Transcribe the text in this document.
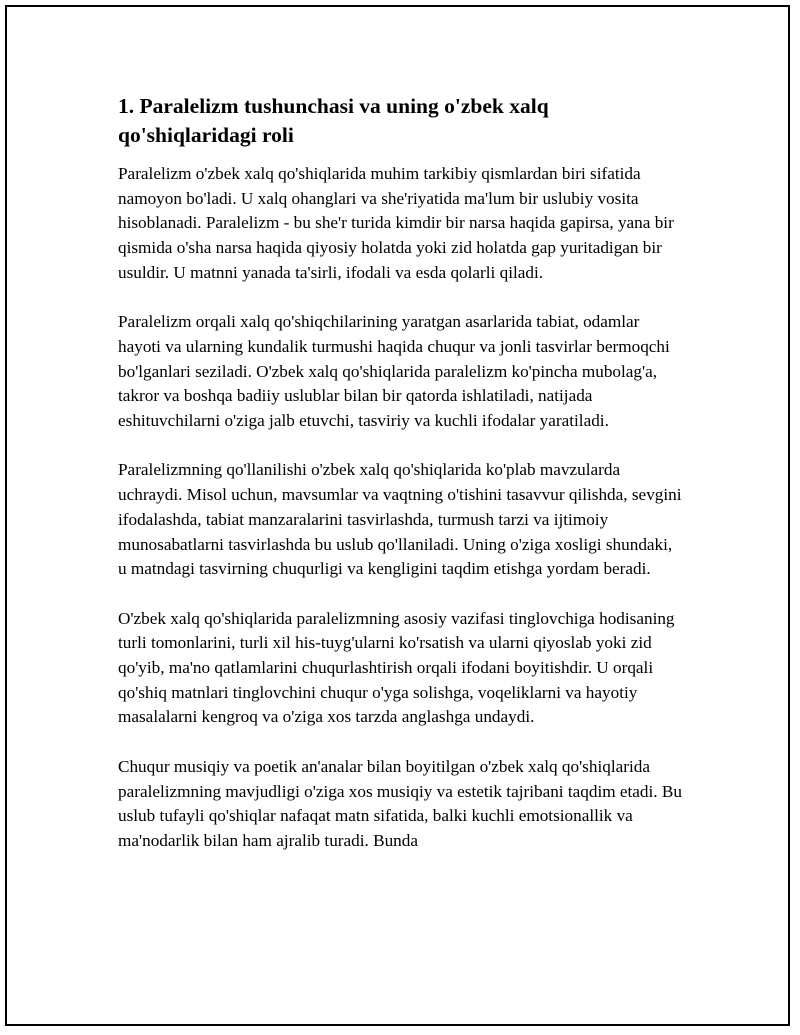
1. Paralelizm tushunchasi va uning o'zbek xalq qo'shiqlaridagi roli

Paralelizm o'zbek xalq qo'shiqlarida muhim tarkibiy qismlardan biri sifatida namoyon bo'ladi. U xalq ohanglari va she'riyatida ma'lum bir uslubiy vosita hisoblanadi. Paralelizm - bu she'r turida kimdir bir narsa haqida gapirsa, yana bir qismida o'sha narsa haqida qiyosiy holatda yoki zid holatda gap yuritadigan bir usuldir. U matnni yanada ta'sirli, ifodali va esda qolarli qiladi.

Paralelizm orqali xalq qo'shiqchilarining yaratgan asarlarida tabiat, odamlar hayoti va ularning kundalik turmushi haqida chuqur va jonli tasvirlar bermoqchi bo'lganlari seziladi. O'zbek xalq qo'shiqlarida paralelizm ko'pincha mubolag'a, takror va boshqa badiiy uslublar bilan bir qatorda ishlatiladi, natijada eshituvchilarni o'ziga jalb etuvchi, tasviriy va kuchli ifodalar yaratiladi.

Paralelizmning qo'llanilishi o'zbek xalq qo'shiqlarida ko'plab mavzularda uchraydi. Misol uchun, mavsumlar va vaqtning o'tishini tasavvur qilishda, sevgini ifodalashda, tabiat manzaralarini tasvirlashda, turmush tarzi va ijtimoiy munosabatlarni tasvirlashda bu uslub qo'llaniladi. Uning o'ziga xosligi shundaki, u matndagi tasvirning chuqurligi va kengligini taqdim etishga yordam beradi.

O'zbek xalq qo'shiqlarida paralelizmning asosiy vazifasi tinglovchiga hodisaning turli tomonlarini, turli xil his-tuyg'ularni ko'rsatish va ularni qiyoslab yoki zid qo'yib, ma'no qatlamlarini chuqurlashtirish orqali ifodani boyitishdir. U orqali qo'shiq matnlari tinglovchini chuqur o'yga solishga, voqeliklarni va hayotiy masalalarni kengroq va o'ziga xos tarzda anglashga undaydi.

Chuqur musiqiy va poetik an'analar bilan boyitilgan o'zbek xalq qo'shiqlarida paralelizmning mavjudligi o'ziga xos musiqiy va estetik tajribani taqdim etadi. Bu uslub tufayli qo'shiqlar nafaqat matn sifatida, balki kuchli emotsionallik va ma'nodarlik bilan ham ajralib turadi. Bunda
